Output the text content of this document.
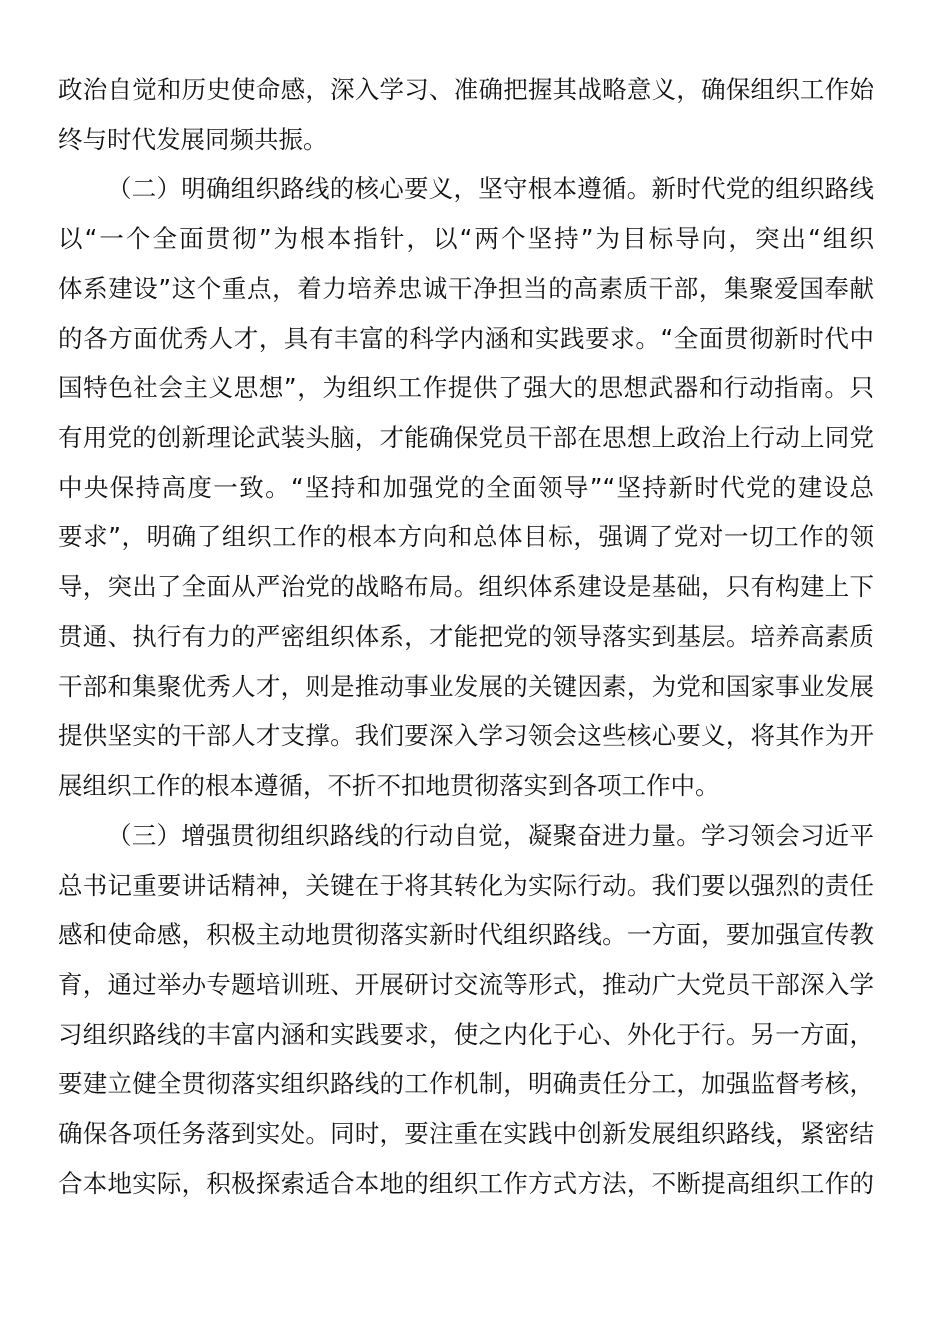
政治自觉和历史使命感，深入学习、准确把握其战略意义，确保组织工作始
终与时代发展同频共振。
（二）明确组织路线的核心要义，坚守根本遵循。新时代党的组织路线
以“一个全面贯彻”为根本指针，以“两个坚持”为目标导向，突出“组织
体系建设”这个重点，着力培养忠诚干净担当的高素质干部，集聚爱国奉献
的各方面优秀人才，具有丰富的科学内涵和实践要求。“全面贯彻新时代中
国特色社会主义思想”，为组织工作提供了强大的思想武器和行动指南。只
有用党的创新理论武装头脑，才能确保党员干部在思想上政治上行动上同党
中央保持高度一致。“坚持和加强党的全面领导”“坚持新时代党的建设总
要求”，明确了组织工作的根本方向和总体目标，强调了党对一切工作的领
导，突出了全面从严治党的战略布局。组织体系建设是基础，只有构建上下
贯通、执行有力的严密组织体系，才能把党的领导落实到基层。培养高素质
干部和集聚优秀人才，则是推动事业发展的关键因素，为党和国家事业发展
提供坚实的干部人才支撑。我们要深入学习领会这些核心要义，将其作为开
展组织工作的根本遵循，不折不扣地贯彻落实到各项工作中。
（三）增强贯彻组织路线的行动自觉，凝聚奋进力量。学习领会习近平
总书记重要讲话精神，关键在于将其转化为实际行动。我们要以强烈的责任
感和使命感，积极主动地贯彻落实新时代组织路线。一方面，要加强宣传教
育，通过举办专题培训班、开展研讨交流等形式，推动广大党员干部深入学
习组织路线的丰富内涵和实践要求，使之内化于心、外化于行。另一方面，
要建立健全贯彻落实组织路线的工作机制，明确责任分工，加强监督考核，
确保各项任务落到实处。同时，要注重在实践中创新发展组织路线，紧密结
合本地实际，积极探索适合本地的组织工作方式方法，不断提高组织工作的
